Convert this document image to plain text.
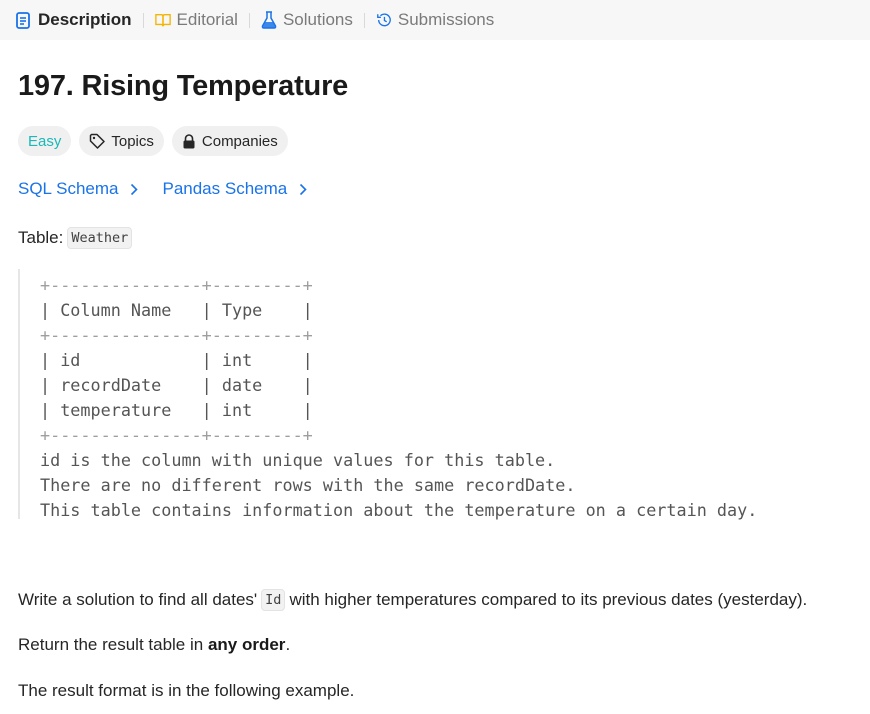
Description	Editorial	Solutions	Submissions
197. Rising Temperature
Easy	Topics	Companies
SQL Schema	Pandas Schema
Table: Weather
+---------------+---------+
| Column Name   | Type    |
+---------------+---------+
| id            | int     |
| recordDate    | date    |
| temperature   | int     |
+---------------+---------+
id is the column with unique values for this table.
There are no different rows with the same recordDate.
This table contains information about the temperature on a certain day.
Write a solution to find all dates' Id with higher temperatures compared to its previous dates (yesterday).
Return the result table in
any order .
The result format is in the following example.
